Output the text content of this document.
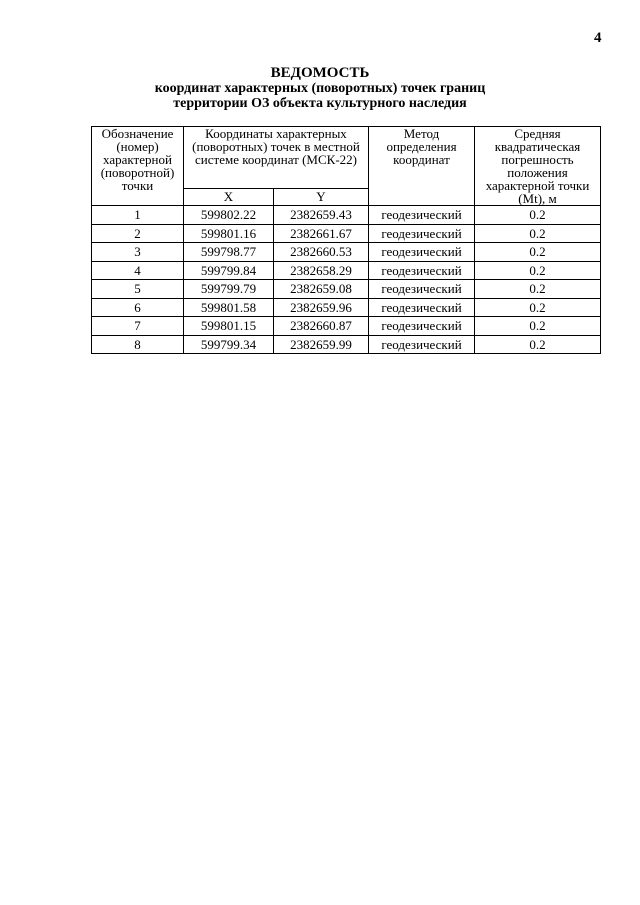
4
ВЕДОМОСТЬ
координат характерных (поворотных) точек границ
территории ОЗ объекта культурного наследия
Обозначение (номер) характерной (поворотной) точки	Координаты характерных (поворотных) точек в местной системе координат (МСК-22)		Метод определения координат	Средняя квадратическая погрешность положения характерной точки (Mt), м
	X	Y		
1	599802.22	2382659.43	геодезический	0.2
2	599801.16	2382661.67	геодезический	0.2
3	599798.77	2382660.53	геодезический	0.2
4	599799.84	2382658.29	геодезический	0.2
5	599799.79	2382659.08	геодезический	0.2
6	599801.58	2382659.96	геодезический	0.2
7	599801.15	2382660.87	геодезический	0.2
8	599799.34	2382659.99	геодезический	0.2
